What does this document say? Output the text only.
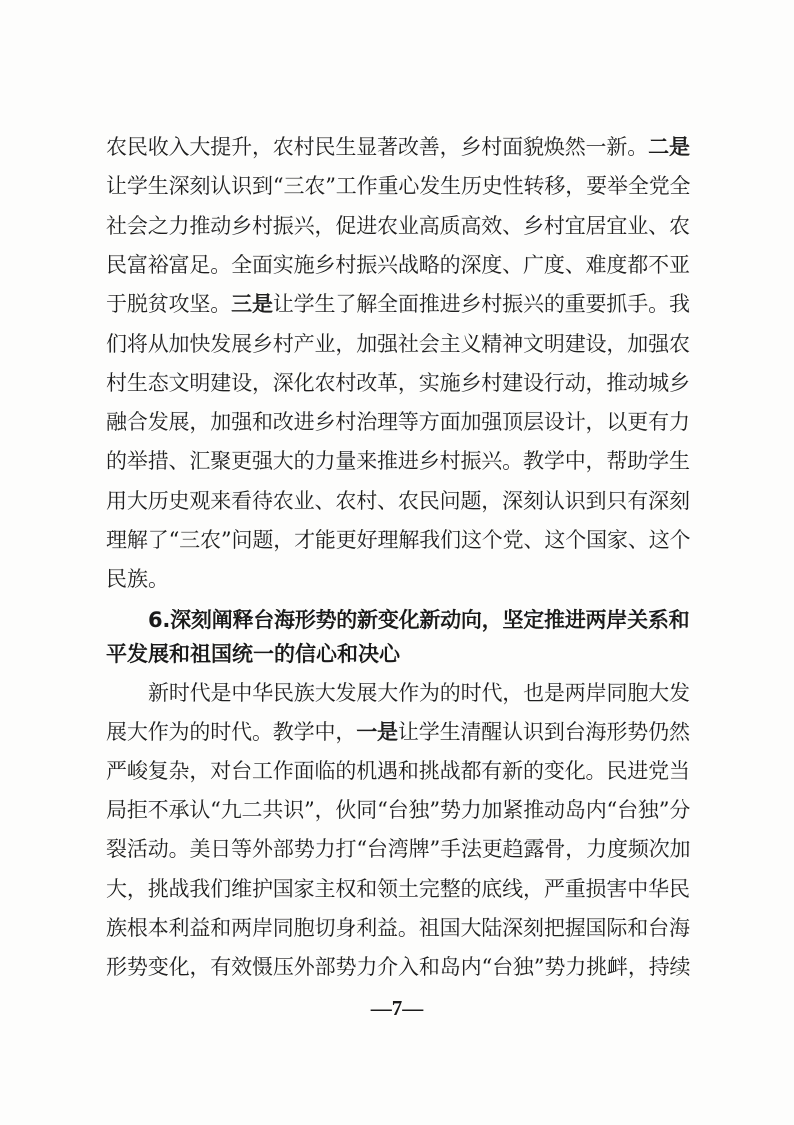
农民收入大提升，农村民生显著改善，乡村面貌焕然一新。二是
让学生深刻认识到“三农”工作重心发生历史性转移，要举全党全
社会之力推动乡村振兴，促进农业高质高效、乡村宜居宜业、农
民富裕富足。全面实施乡村振兴战略的深度、广度、难度都不亚
于脱贫攻坚。三是让学生了解全面推进乡村振兴的重要抓手。我
们将从加快发展乡村产业，加强社会主义精神文明建设，加强农
村生态文明建设，深化农村改革，实施乡村建设行动，推动城乡
融合发展，加强和改进乡村治理等方面加强顶层设计，以更有力
的举措、汇聚更强大的力量来推进乡村振兴。教学中，帮助学生
用大历史观来看待农业、农村、农民问题，深刻认识到只有深刻
理解了“三农”问题，才能更好理解我们这个党、这个国家、这个
民族。
6.深刻阐释台海形势的新变化新动向，坚定推进两岸关系和
平发展和祖国统一的信心和决心
新时代是中华民族大发展大作为的时代，也是两岸同胞大发
展大作为的时代。教学中，一是让学生清醒认识到台海形势仍然
严峻复杂，对台工作面临的机遇和挑战都有新的变化。民进党当
局拒不承认“九二共识”，伙同“台独”势力加紧推动岛内“台独”分
裂活动。美日等外部势力打“台湾牌”手法更趋露骨，力度频次加
大，挑战我们维护国家主权和领土完整的底线，严重损害中华民
族根本利益和两岸同胞切身利益。祖国大陆深刻把握国际和台海
形势变化，有效慑压外部势力介入和岛内“台独”势力挑衅，持续
—7—
